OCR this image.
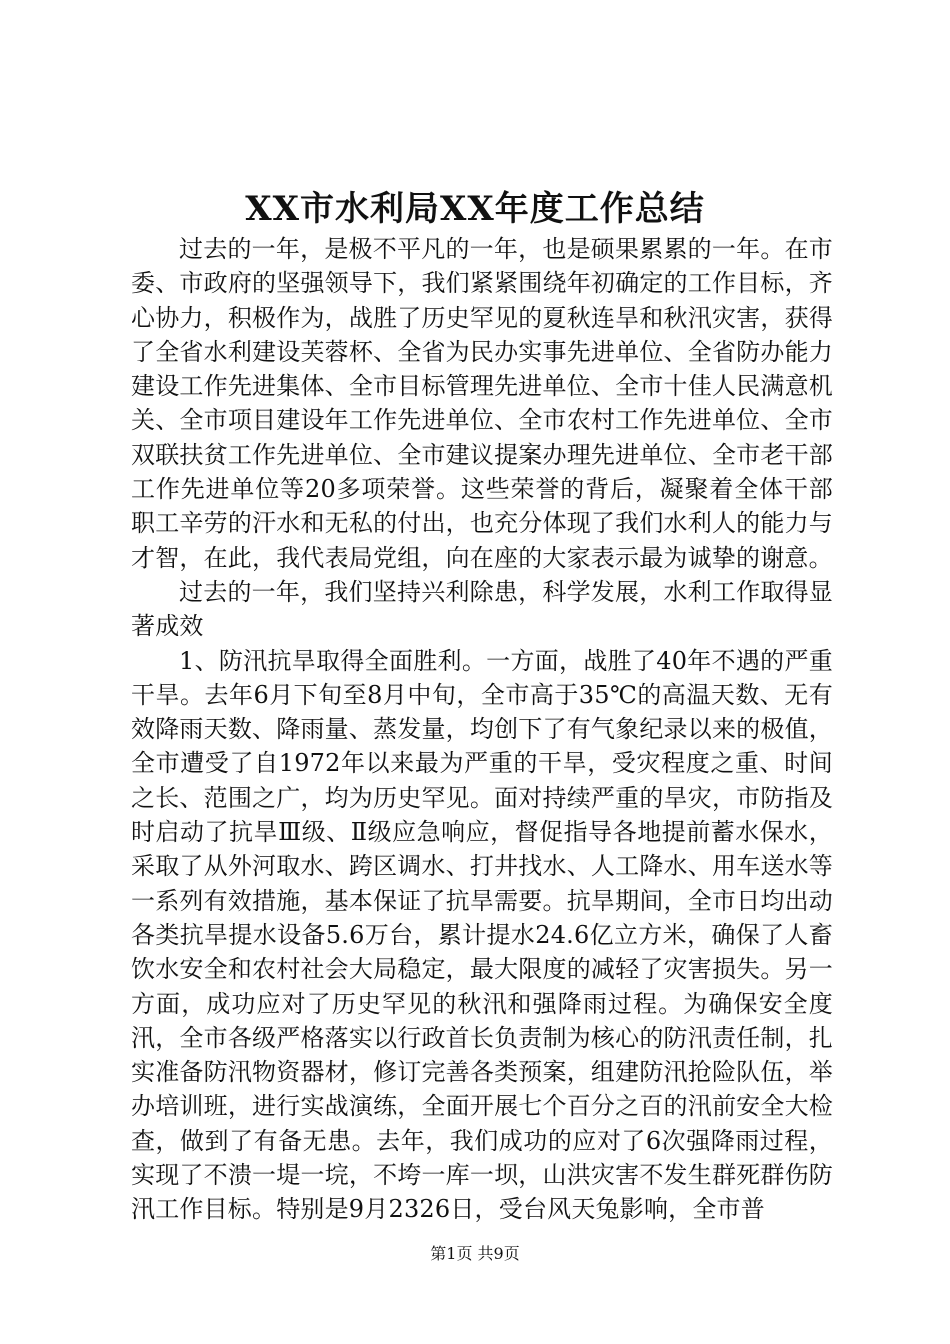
XX市水利局XX年度工作总结

过去的一年，是极不平凡的一年，也是硕果累累的一年。在市委、市政府的坚强领导下，我们紧紧围绕年初确定的工作目标，齐心协力，积极作为，战胜了历史罕见的夏秋连旱和秋汛灾害，获得了全省水利建设芙蓉杯、全省为民办实事先进单位、全省防办能力建设工作先进集体、全市目标管理先进单位、全市十佳人民满意机关、全市项目建设年工作先进单位、全市农村工作先进单位、全市双联扶贫工作先进单位、全市建议提案办理先进单位、全市老干部工作先进单位等20多项荣誉。这些荣誉的背后，凝聚着全体干部职工辛劳的汗水和无私的付出，也充分体现了我们水利人的能力与才智，在此，我代表局党组，向在座的大家表示最为诚挚的谢意。

过去的一年，我们坚持兴利除患，科学发展，水利工作取得显著成效

1、防汛抗旱取得全面胜利。一方面，战胜了40年不遇的严重干旱。去年6月下旬至8月中旬，全市高于35℃的高温天数、无有效降雨天数、降雨量、蒸发量，均创下了有气象纪录以来的极值，全市遭受了自1972年以来最为严重的干旱，受灾程度之重、时间之长、范围之广，均为历史罕见。面对持续严重的旱灾，市防指及时启动了抗旱Ⅲ级、Ⅱ级应急响应，督促指导各地提前蓄水保水，采取了从外河取水、跨区调水、打井找水、人工降水、用车送水等一系列有效措施，基本保证了抗旱需要。抗旱期间，全市日均出动各类抗旱提水设备5.6万台，累计提水24.6亿立方米，确保了人畜饮水安全和农村社会大局稳定，最大限度的减轻了灾害损失。另一方面，成功应对了历史罕见的秋汛和强降雨过程。为确保安全度汛，全市各级严格落实以行政首长负责制为核心的防汛责任制，扎实准备防汛物资器材，修订完善各类预案，组建防汛抢险队伍，举办培训班，进行实战演练，全面开展七个百分之百的汛前安全大检查，做到了有备无患。去年，我们成功的应对了6次强降雨过程，实现了不溃一堤一垸，不垮一库一坝，山洪灾害不发生群死群伤防汛工作目标。特别是9月2326日，受台风天兔影响，全市普

第1页 共9页
